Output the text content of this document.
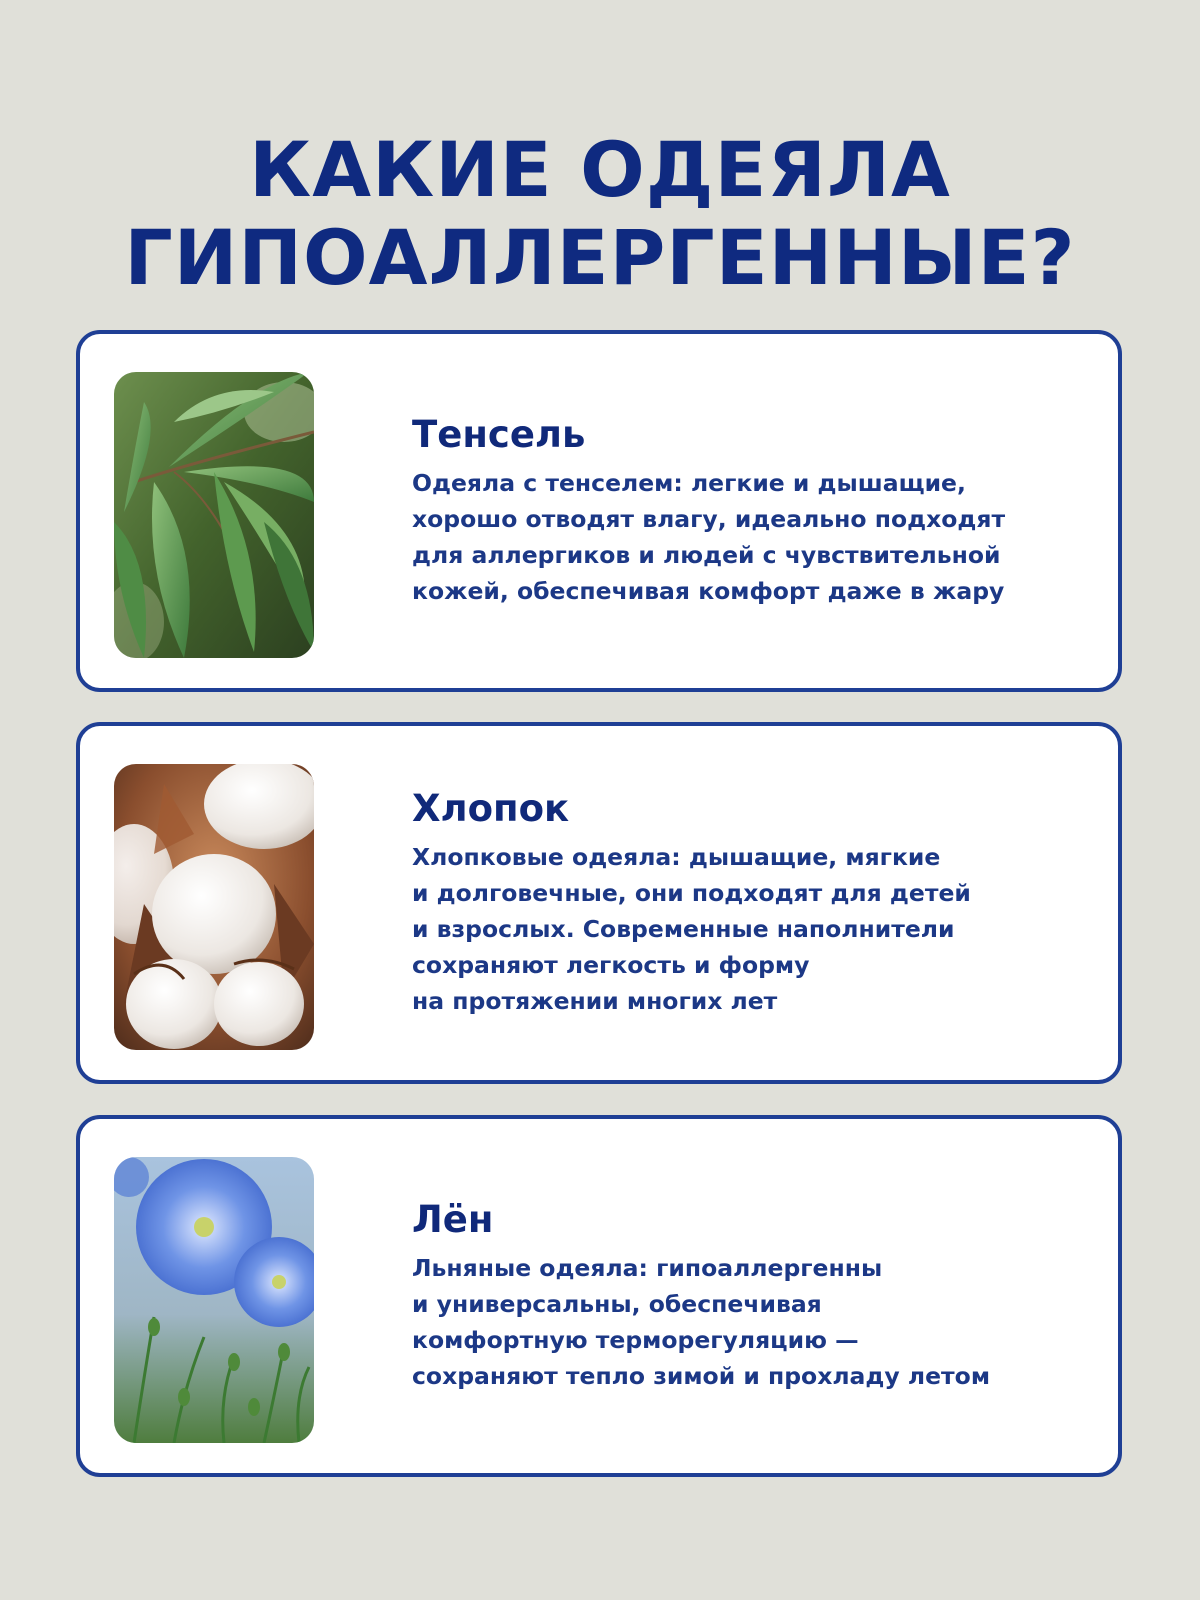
КАКИЕ ОДЕЯЛА
ГИПОАЛЛЕРГЕННЫЕ?
Тенсель
Одеяла с тенселем: легкие и дышащие,
хорошо отводят влагу, идеально подходят
для аллергиков и людей с чувствительной
кожей, обеспечивая комфорт даже в жару
Хлопок
Хлопковые одеяла: дышащие, мягкие
и долговечные, они подходят для детей
и взрослых. Современные наполнители
сохраняют легкость и форму
на протяжении многих лет
Лён
Льняные одеяла: гипоаллергенны
и универсальны, обеспечивая
комфортную терморегуляцию —
сохраняют тепло зимой и прохладу летом
